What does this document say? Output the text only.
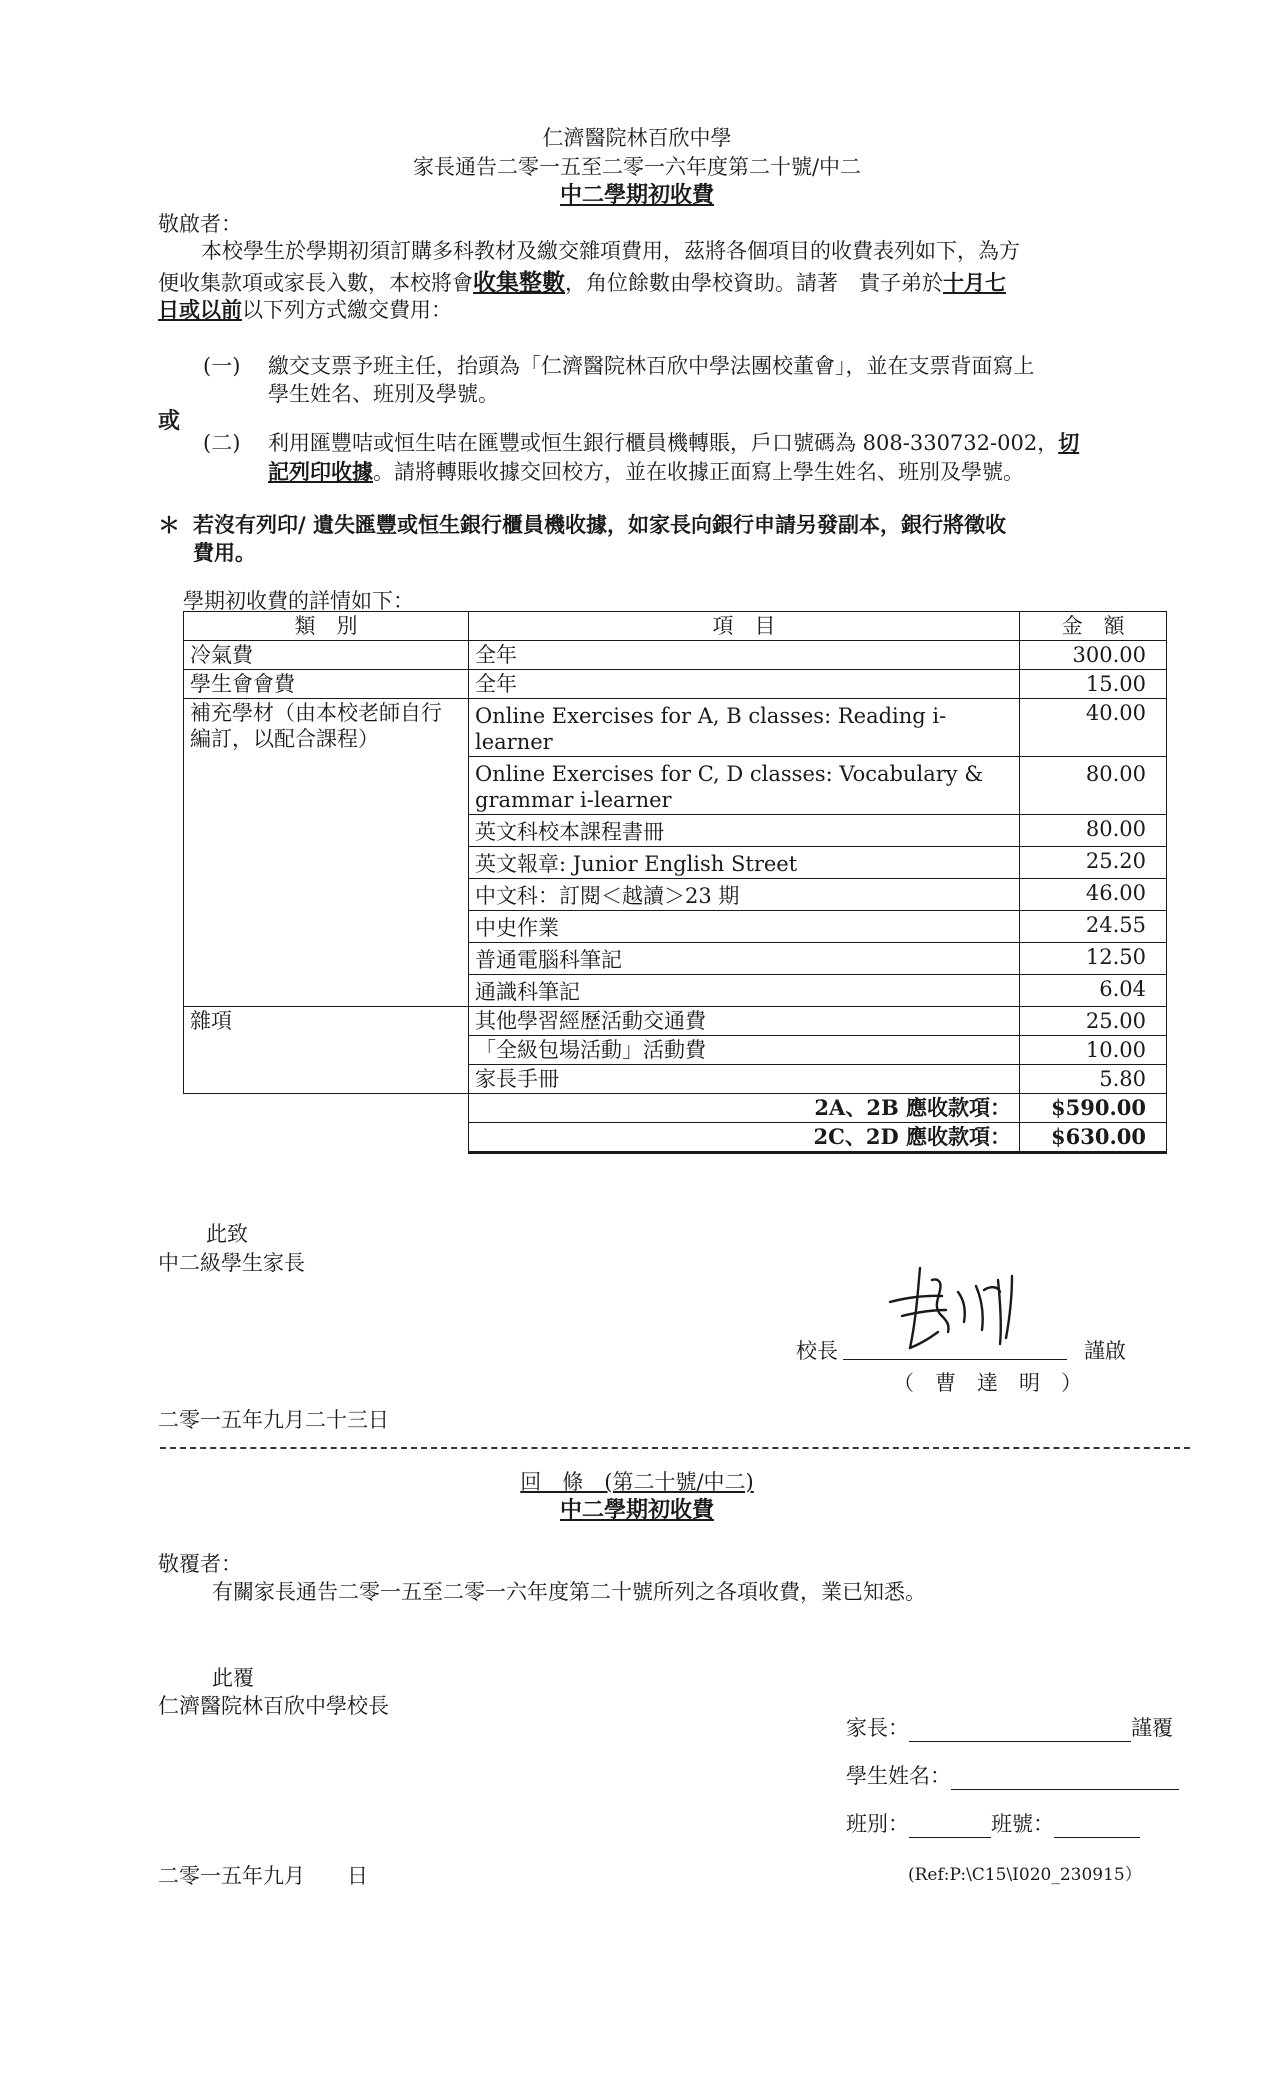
仁濟醫院林百欣中學
家長通告二零一五至二零一六年度第二十號/中二
中二學期初收費
敬啟者：
本校學生於學期初須訂購多科教材及繳交雜項費用，茲將各個項目的收費表列如下，為方
便收集款項或家長入數，本校將會收集整數，角位餘數由學校資助。請著　貴子弟於十月七
日或以前以下列方式繳交費用：
(一) 繳交支票予班主任，抬頭為「仁濟醫院林百欣中學法團校董會」，並在支票背面寫上
學生姓名、班別及學號。
或
(二) 利用匯豐咭或恒生咭在匯豐或恒生銀行櫃員機轉賬，戶口號碼為 808-330732-002，切
記列印收據。請將轉賬收據交回校方，並在收據正面寫上學生姓名、班別及學號。
＊ 若沒有列印/ 遺失匯豐或恒生銀行櫃員機收據，如家長向銀行申請另發副本，銀行將徵收
費用。
學期初收費的詳情如下：
類　別	項　目	金　額
冷氣費	全年	300.00
學生會會費	全年	15.00
補充學材（由本校老師自行編訂，以配合課程）	Online Exercises for A, B classes: Reading i-learner	40.00
	Online Exercises for C, D classes: Vocabulary & grammar i-learner	80.00
	英文科校本課程書冊	80.00
	英文報章: Junior English Street	25.20
	中文科：訂閱＜越讀＞23 期	46.00
	中史作業	24.55
	普通電腦科筆記	12.50
	通識科筆記	6.04
雜項	其他學習經歷活動交通費	25.00
	「全級包場活動」活動費	10.00
	家長手冊	5.80
	2A、2B 應收款項：	$590.00
	2C、2D 應收款項：	$630.00
此致
中二級學生家長
校長	謹啟
（　曹　達　明　）
二零一五年九月二十三日
回　條　(第二十號/中二)
中二學期初收費
敬覆者：
有關家長通告二零一五至二零一六年度第二十號所列之各項收費，業已知悉。
此覆
仁濟醫院林百欣中學校長
家長：	謹覆
學生姓名：
班別：	班號：
二零一五年九月　　日	(Ref:P:\C15\I020_230915）
